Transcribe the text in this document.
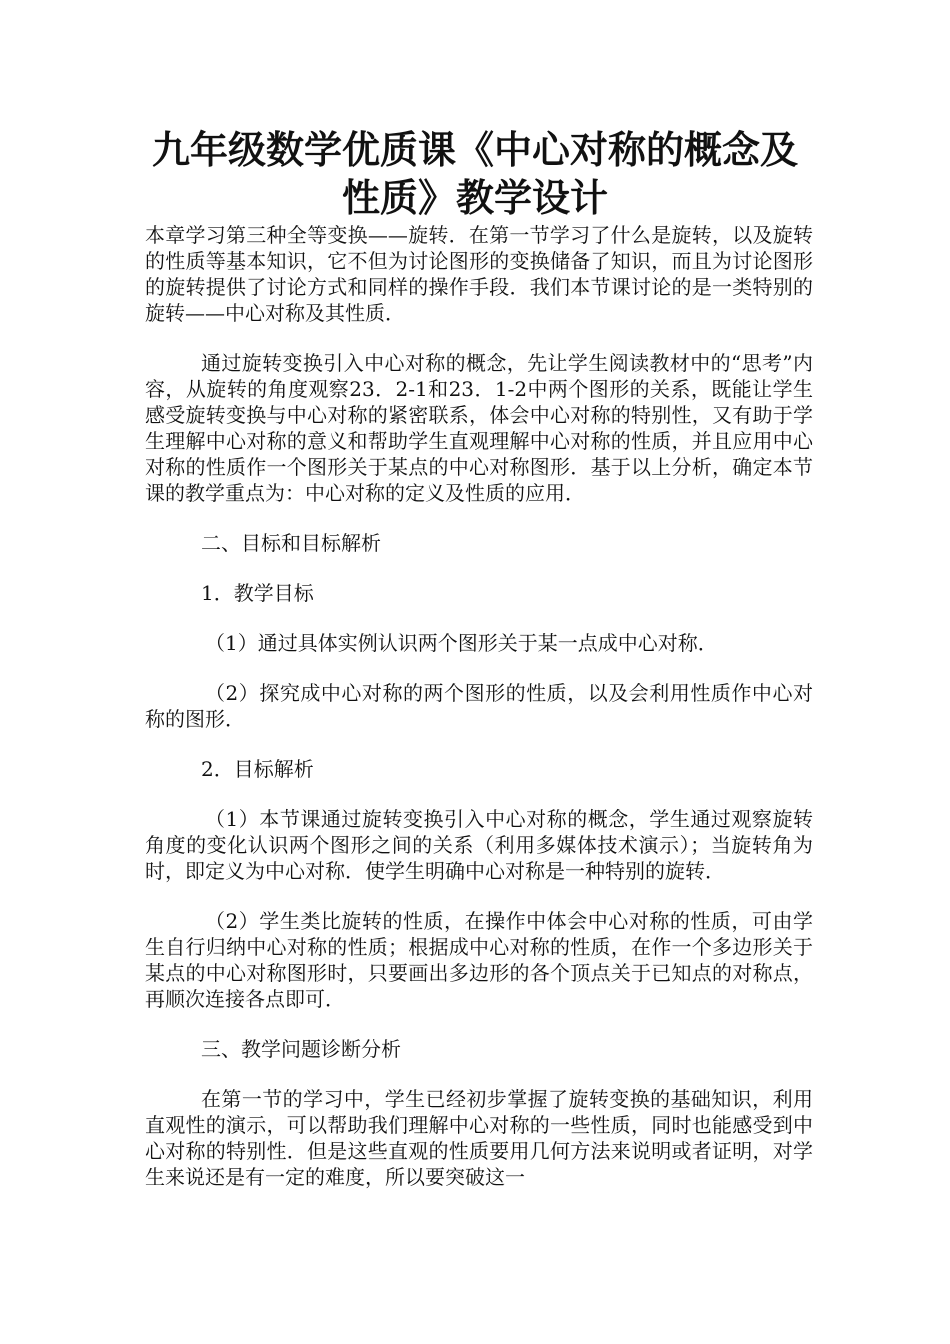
九年级数学优质课《中心对称的概念及
性质》教学设计

本章学习第三种全等变换——旋转．在第一节学习了什么是旋转，以及旋转的性质等基本知识，它不但为讨论图形的变换储备了知识，而且为讨论图形的旋转提供了讨论方式和同样的操作手段．我们本节课讨论的是一类特别的旋转——中心对称及其性质．

通过旋转变换引入中心对称的概念，先让学生阅读教材中的“思考”内容，从旋转的角度观察23．2-1和23．1-2中两个图形的关系，既能让学生感受旋转变换与中心对称的紧密联系，体会中心对称的特别性，又有助于学生理解中心对称的意义和帮助学生直观理解中心对称的性质，并且应用中心对称的性质作一个图形关于某点的中心对称图形．基于以上分析，确定本节课的教学重点为：中心对称的定义及性质的应用．

二、目标和目标解析

1．教学目标

（1）通过具体实例认识两个图形关于某一点成中心对称．

（2）探究成中心对称的两个图形的性质，以及会利用性质作中心对称的图形．

2．目标解析

（1）本节课通过旋转变换引入中心对称的概念，学生通过观察旋转角度的变化认识两个图形之间的关系（利用多媒体技术演示）；当旋转角为时，即定义为中心对称．使学生明确中心对称是一种特别的旋转．

（2）学生类比旋转的性质，在操作中体会中心对称的性质，可由学生自行归纳中心对称的性质；根据成中心对称的性质，在作一个多边形关于某点的中心对称图形时，只要画出多边形的各个顶点关于已知点的对称点，再顺次连接各点即可．

三、教学问题诊断分析

在第一节的学习中，学生已经初步掌握了旋转变换的基础知识，利用直观性的演示，可以帮助我们理解中心对称的一些性质，同时也能感受到中心对称的特别性．但是这些直观的性质要用几何方法来说明或者证明，对学生来说还是有一定的难度，所以要突破这一
